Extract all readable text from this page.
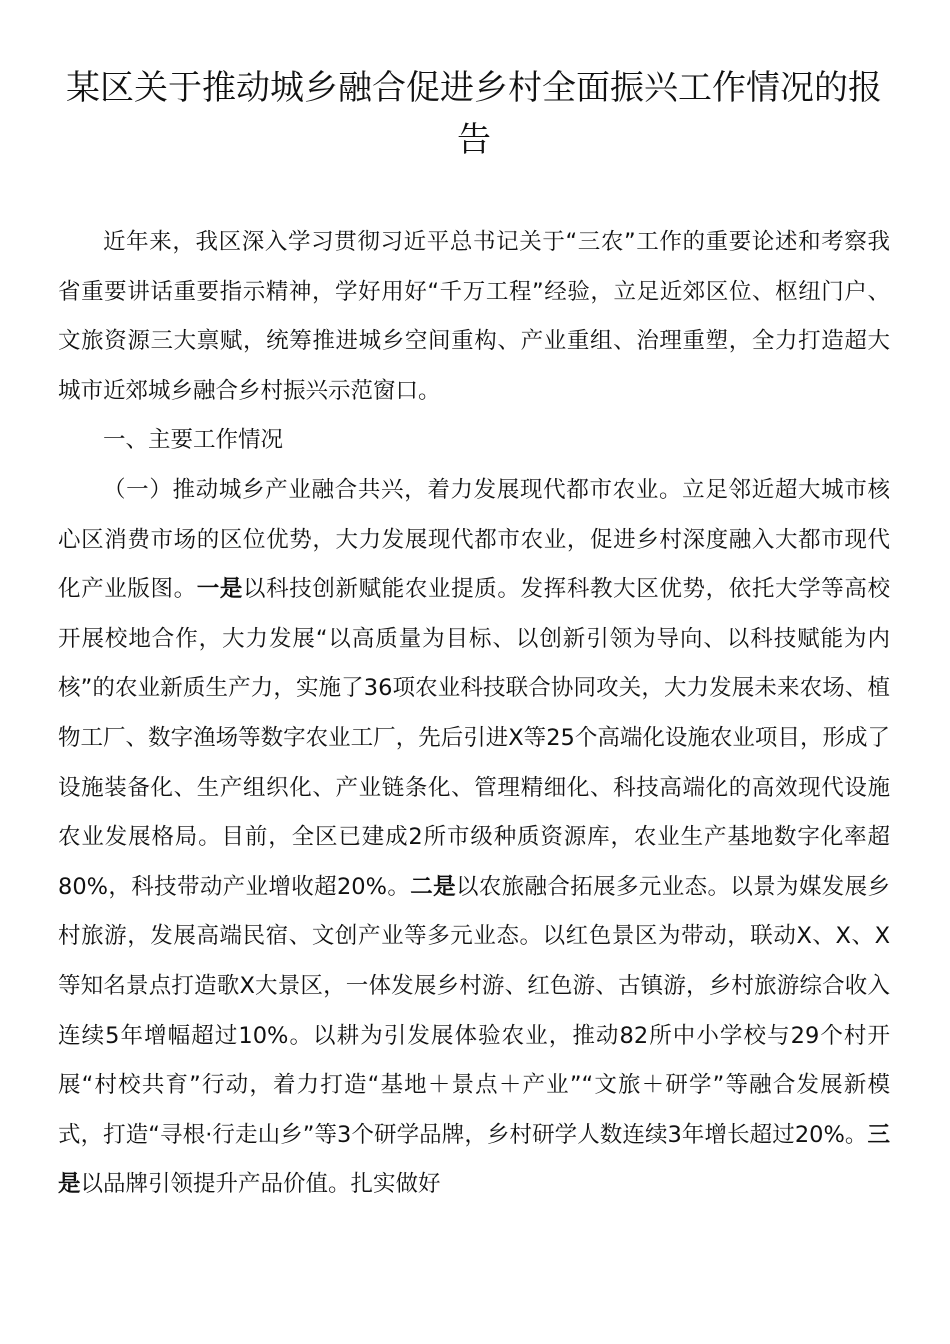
某区关于推动城乡融合促进乡村全面振兴工作情况的报告

近年来，我区深入学习贯彻习近平总书记关于“三农”工作的重要论述和考察我省重要讲话重要指示精神，学好用好“千万工程”经验，立足近郊区位、枢纽门户、文旅资源三大禀赋，统筹推进城乡空间重构、产业重组、治理重塑，全力打造超大城市近郊城乡融合乡村振兴示范窗口。

一、主要工作情况

（一）推动城乡产业融合共兴，着力发展现代都市农业。立足邻近超大城市核心区消费市场的区位优势，大力发展现代都市农业，促进乡村深度融入大都市现代化产业版图。一是以科技创新赋能农业提质。发挥科教大区优势，依托大学等高校开展校地合作，大力发展“以高质量为目标、以创新引领为导向、以科技赋能为内核”的农业新质生产力，实施了36项农业科技联合协同攻关，大力发展未来农场、植物工厂、数字渔场等数字农业工厂，先后引进X等25个高端化设施农业项目，形成了设施装备化、生产组织化、产业链条化、管理精细化、科技高端化的高效现代设施农业发展格局。目前，全区已建成2所市级种质资源库，农业生产基地数字化率超80%，科技带动产业增收超20%。二是以农旅融合拓展多元业态。以景为媒发展乡村旅游，发展高端民宿、文创产业等多元业态。以红色景区为带动，联动X、X、X等知名景点打造歌X大景区，一体发展乡村游、红色游、古镇游，乡村旅游综合收入连续5年增幅超过10%。以耕为引发展体验农业，推动82所中小学校与29个村开展“村校共育”行动，着力打造“基地＋景点＋产业”“文旅＋研学”等融合发展新模式，打造“寻根·行走山乡”等3个研学品牌，乡村研学人数连续3年增长超过20%。三是以品牌引领提升产品价值。扎实做好
